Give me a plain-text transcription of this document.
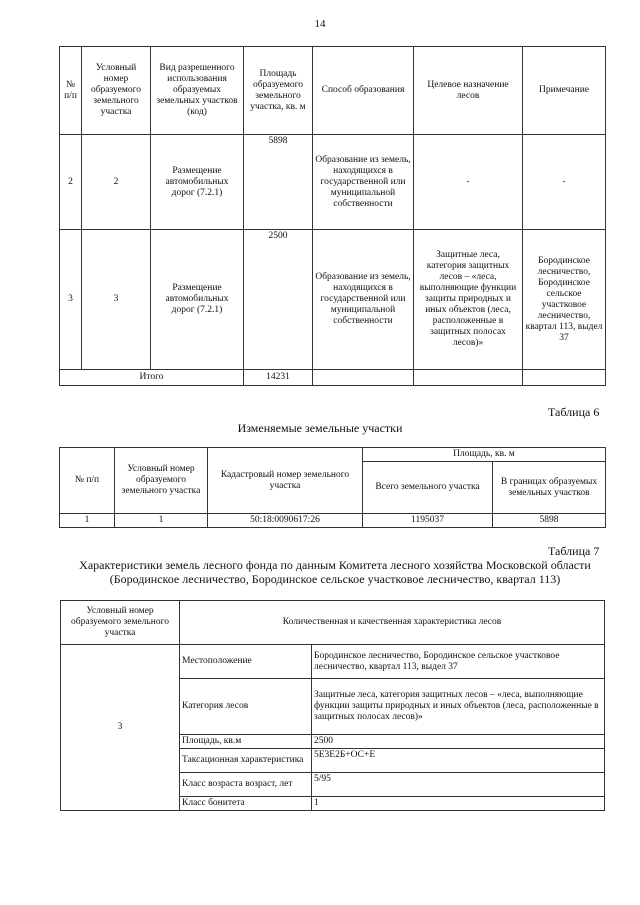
14
№ п/п	Условный номер образуемого земельного участка	Вид разрешенного использования образуемых земельных участков (код)	Площадь образуемого земельного участка, кв. м	Способ образования	Целевое назначение лесов	Примечание
2	2	Размещение автомобильных дорог (7.2.1)	5898	Образование из земель, находящихся в государственной или муниципальной собственности	-	-
3	3	Размещение автомобильных дорог (7.2.1)	2500	Образование из земель, находящихся в государственной или муниципальной собственности	Защитные леса, категория защитных лесов – «леса, выполняющие функции защиты природных и иных объектов (леса, расположенные в защитных полосах лесов)»	Бородинское лесничество, Бородинское сельское участковое лесничество, квартал 113, выдел 37
Итого			14231			
Таблица 6
Изменяемые земельные участки
№ п/п	Условный номер образуемого земельного участка	Кадастровый номер земельного участка	Площадь, кв. м	
			Всего земельного участка	В границах образуемых земельных участков
1	1	50:18:0090617:26	1195037	5898
Таблица 7
Характеристики земель лесного фонда по данным Комитета лесного хозяйства Московской области (Бородинское лесничество, Бородинское сельское участковое лесничество, квартал 113)
Условный номер образуемого земельного участка	Количественная и качественная характеристика лесов	
3	Местоположение	Бородинское лесничество, Бородинское сельское участковое лесничество, квартал 113, выдел 37
	Категория лесов	Защитные леса, категория защитных лесов – «леса, выполняющие функции защиты природных и иных объектов (леса, расположенные в защитных полосах лесов)»
	Площадь, кв.м	2500
	Таксационная характеристика	5Е3Е2Б+ОС+Е
	Класс возраста возраст, лет	5/95
	Класс бонитета	1
